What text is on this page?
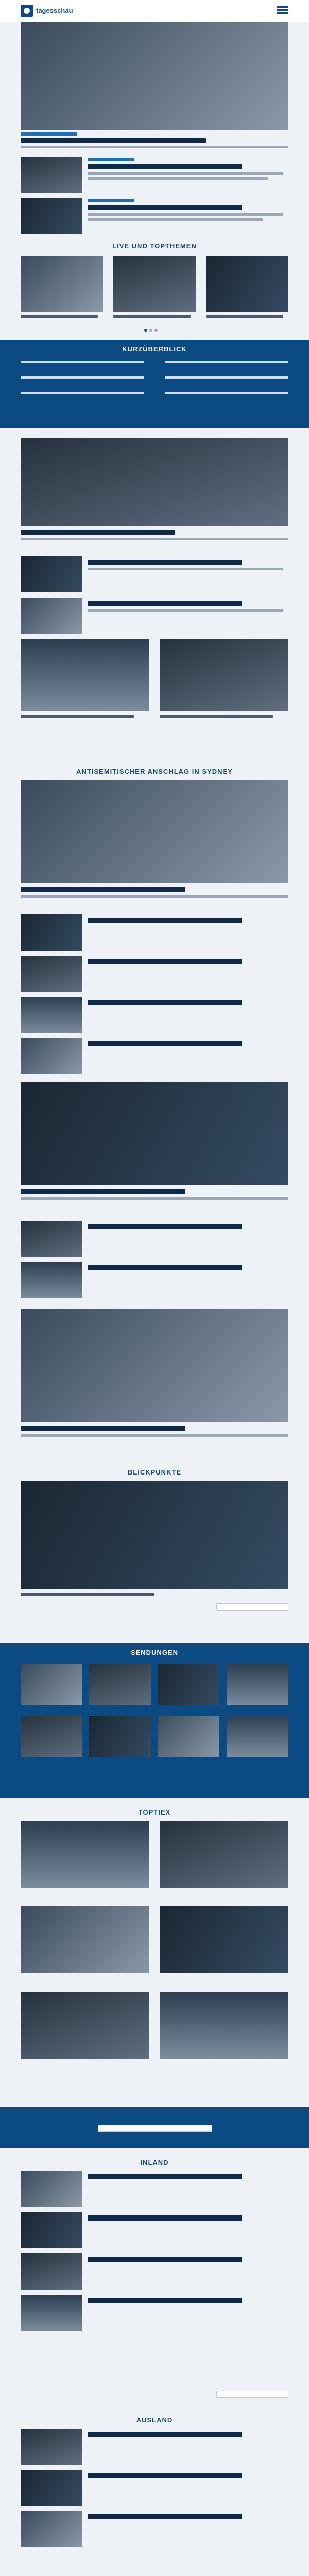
tagesschau
LIVE UND TOPTHEMEN
KURZÜBERBLICK
ANTISEMITISCHER ANSCHLAG IN SYDNEY
BLICKPUNKTE
SENDUNGEN
TOPTIEX
INLAND
AUSLAND
